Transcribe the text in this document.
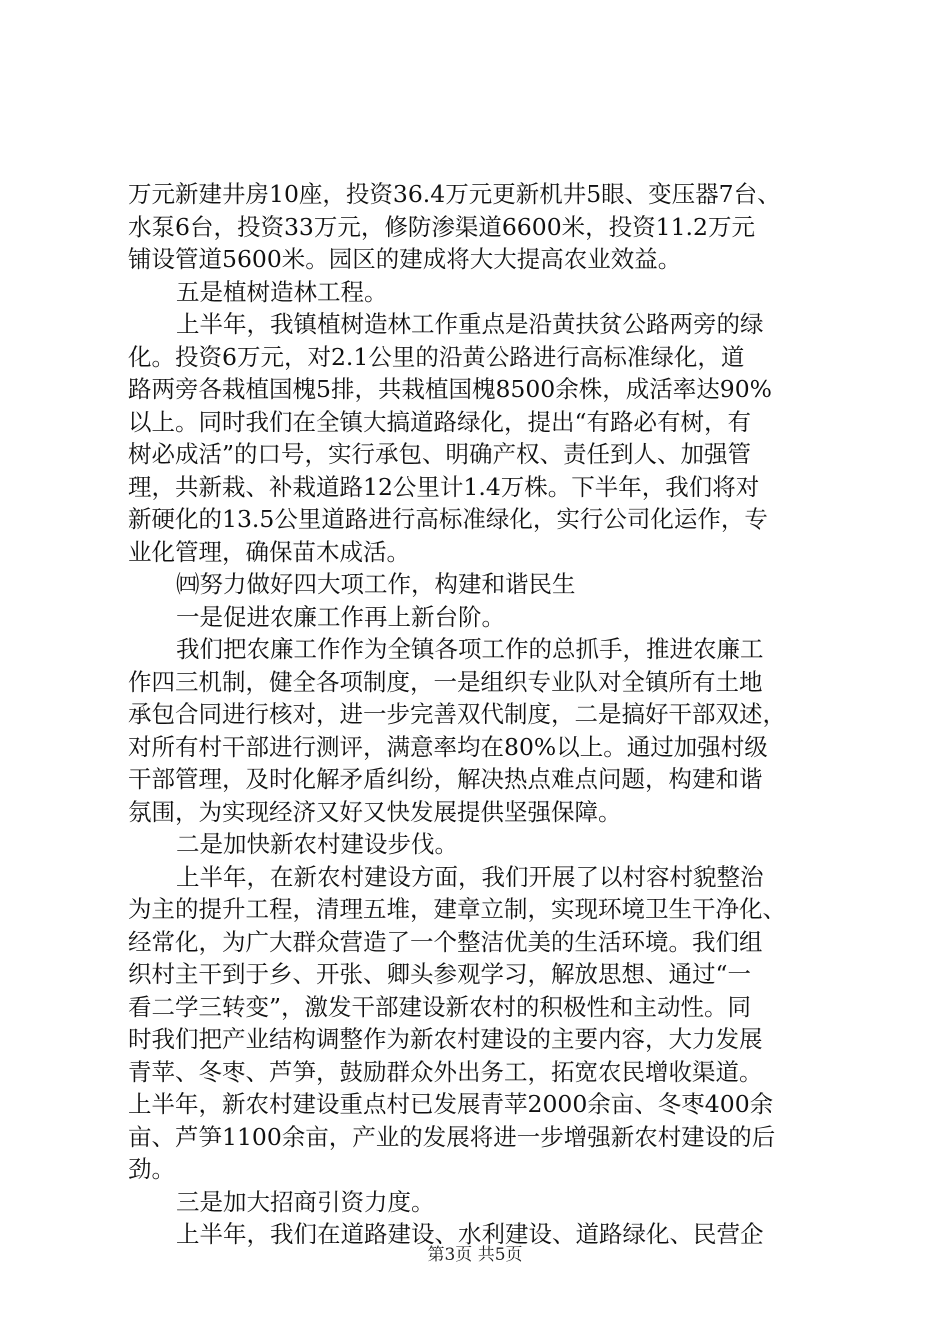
万元新建井房10座，投资36.4万元更新机井5眼、变压器7台、
水泵6台，投资33万元，修防渗渠道6600米，投资11.2万元
铺设管道5600米。园区的建成将大大提高农业效益。
五是植树造林工程。
上半年，我镇植树造林工作重点是沿黄扶贫公路两旁的绿
化。投资6万元，对2.1公里的沿黄公路进行高标准绿化，道
路两旁各栽植国槐5排，共栽植国槐8500余株，成活率达90%
以上。同时我们在全镇大搞道路绿化，提出“有路必有树，有
树必成活”的口号，实行承包、明确产权、责任到人、加强管
理，共新栽、补栽道路12公里计1.4万株。下半年，我们将对
新硬化的13.5公里道路进行高标准绿化，实行公司化运作，专
业化管理，确保苗木成活。
㈣努力做好四大项工作，构建和谐民生
一是促进农廉工作再上新台阶。
我们把农廉工作作为全镇各项工作的总抓手，推进农廉工
作四三机制，健全各项制度，一是组织专业队对全镇所有土地
承包合同进行核对，进一步完善双代制度，二是搞好干部双述，
对所有村干部进行测评，满意率均在80%以上。通过加强村级
干部管理，及时化解矛盾纠纷，解决热点难点问题，构建和谐
氛围，为实现经济又好又快发展提供坚强保障。
二是加快新农村建设步伐。
上半年，在新农村建设方面，我们开展了以村容村貌整治
为主的提升工程，清理五堆，建章立制，实现环境卫生干净化、
经常化，为广大群众营造了一个整洁优美的生活环境。我们组
织村主干到于乡、开张、卿头参观学习，解放思想、通过“一
看二学三转变”，激发干部建设新农村的积极性和主动性。同
时我们把产业结构调整作为新农村建设的主要内容，大力发展
青苹、冬枣、芦笋，鼓励群众外出务工，拓宽农民增收渠道。
上半年，新农村建设重点村已发展青苹2000余亩、冬枣400余
亩、芦笋1100余亩，产业的发展将进一步增强新农村建设的后
劲。
三是加大招商引资力度。
上半年，我们在道路建设、水利建设、道路绿化、民营企
第3页 共5页
